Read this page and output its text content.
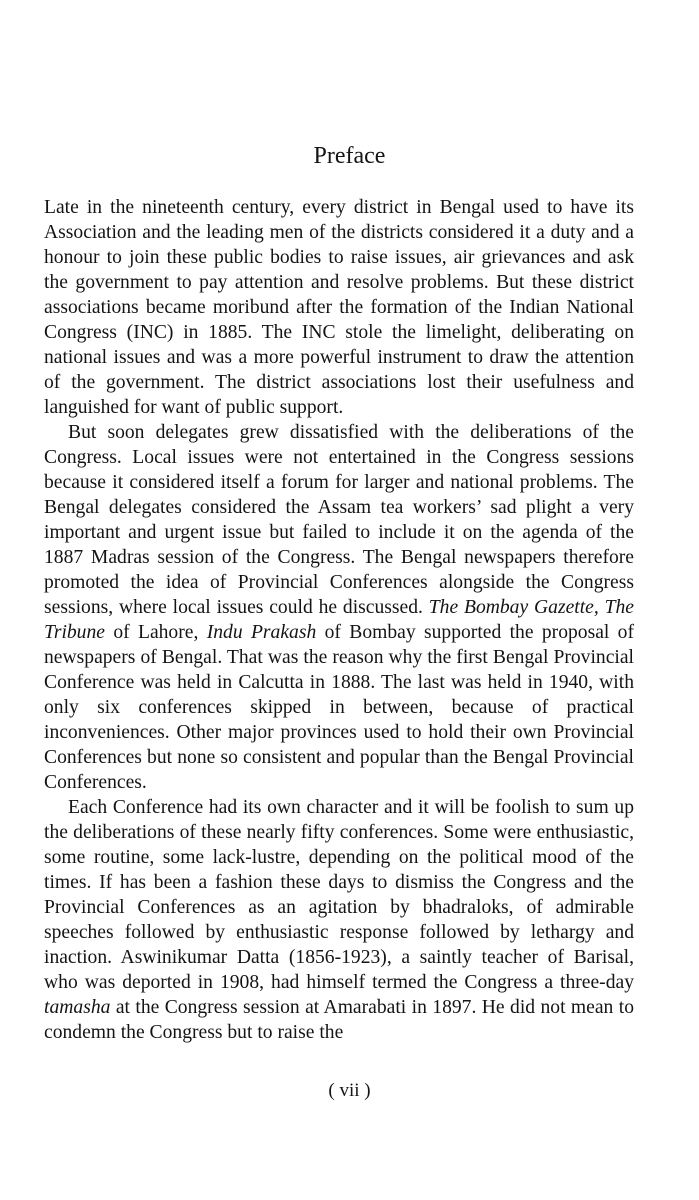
Preface

Late in the nineteenth century, every district in Bengal used to have its Association and the leading men of the districts considered it a duty and a honour to join these public bodies to raise issues, air grievances and ask the government to pay attention and resolve problems. But these district associations became moribund after the formation of the Indian National Congress (INC) in 1885. The INC stole the limelight, deliberating on national issues and was a more powerful instrument to draw the attention of the government. The district associations lost their usefulness and languished for want of public support.

But soon delegates grew dissatisfied with the deliberations of the Congress. Local issues were not entertained in the Congress sessions because it considered itself a forum for larger and national problems. The Bengal delegates considered the Assam tea workers’ sad plight a very important and urgent issue but failed to include it on the agenda of the 1887 Madras session of the Congress. The Bengal newspapers therefore promoted the idea of Provincial Conferences alongside the Congress sessions, where local issues could he discussed. The Bombay Gazette, The Tribune of Lahore, Indu Prakash of Bombay supported the proposal of newspapers of Bengal. That was the reason why the first Bengal Provincial Conference was held in Calcutta in 1888. The last was held in 1940, with only six conferences skipped in between, because of practical inconveniences. Other major provinces used to hold their own Provincial Conferences but none so consistent and popular than the Bengal Provincial Conferences.

Each Conference had its own character and it will be foolish to sum up the deliberations of these nearly fifty conferences. Some were enthusiastic, some routine, some lack-lustre, depending on the political mood of the times. If has been a fashion these days to dismiss the Congress and the Provincial Conferences as an agitation by bhadraloks, of admirable speeches followed by enthusiastic response followed by lethargy and inaction. Aswinikumar Datta (1856-1923), a saintly teacher of Barisal, who was deported in 1908, had himself termed the Congress a three-day tamasha at the Congress session at Amarabati in 1897. He did not mean to condemn the Congress but to raise the

( vii )
